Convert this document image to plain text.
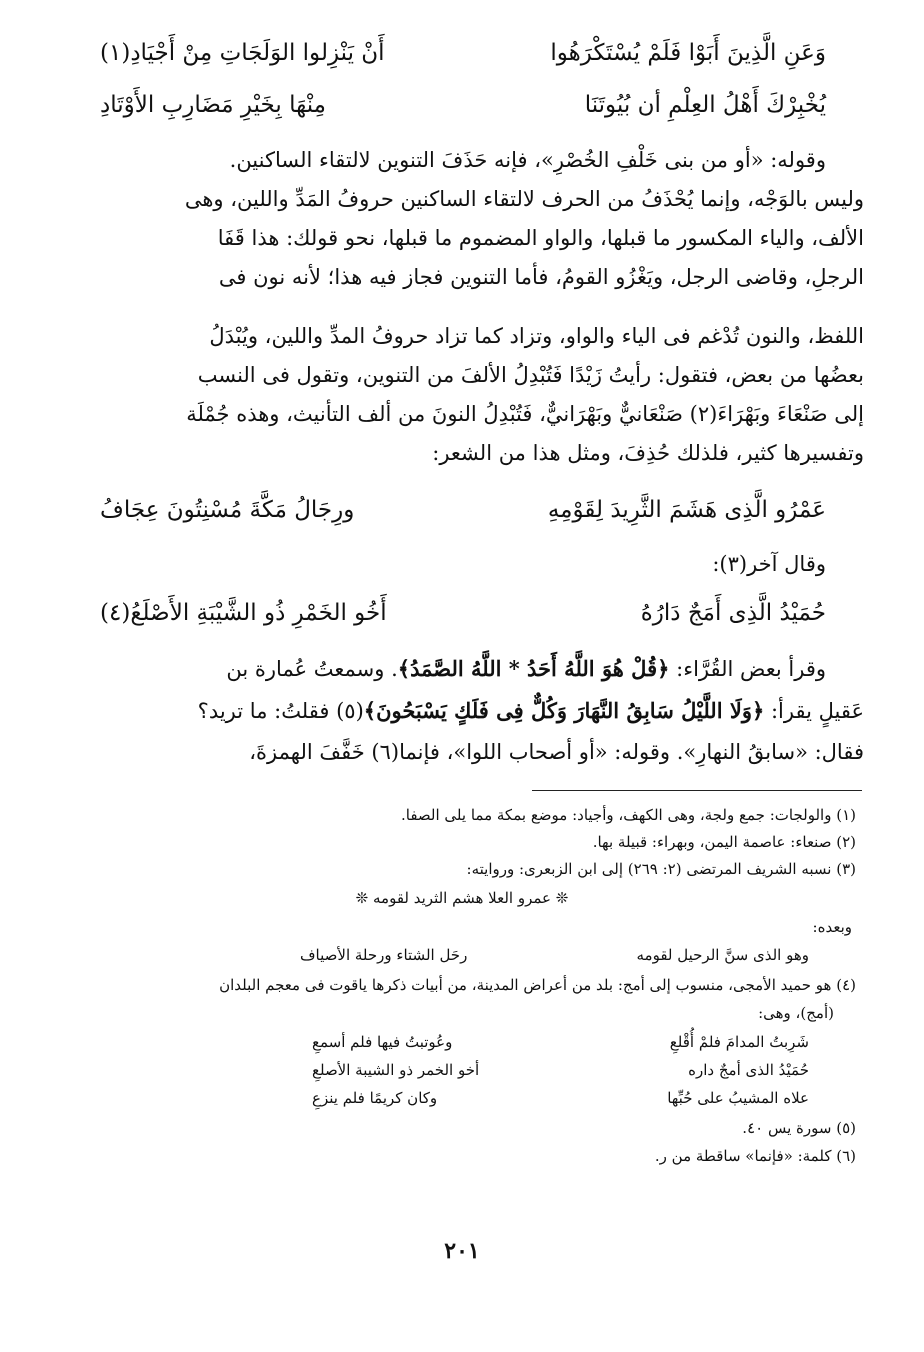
وَعَنِ الَّذِينَ أَبَوْا فَلَمْ يُسْتَكْرَهُوا
أَنْ يَنْزِلوا الوَلَجَاتِ مِنْ أَجْيَادِ(١)
يُخْبِرْكَ أَهْلُ العِلْمِ أن بُيُوتَنَا
مِنْهَا بِخَيْرِ مَضَارِبِ الأَوْتَادِ
وقوله: «أو من بنى خَلْفِ الخُصْرِ»، فإنه حَذَفَ التنوين لالتقاء الساكنين.
وليس بالوَجْه، وإنما يُحْذَفُ من الحرف لالتقاء الساكنين حروفُ المَدِّ واللين، وهى
الألف، والياء المكسور ما قبلها، والواو المضموم ما قبلها، نحو قولك: هذا قَفَا
الرجلِ، وقاضى الرجل، ويَغْزُو القومُ، فأما التنوين فجاز فيه هذا؛ لأنه نون فى
اللفظ، والنون تُدْغم فى الياء والواو، وتزاد كما تزاد حروفُ المدِّ واللين، ويُبْدَلُ
بعضُها من بعض، فتقول: رأيتُ زَيْدًا فَتُبْدِلُ الألفَ من التنوين، وتقول فى النسب
إلى صَنْعَاءَ وبَهْرَاءَ(٢) صَنْعَانيٌّ وبَهْرَانيٌّ، فَتُبْدِلُ النونَ من ألف التأنيث، وهذه جُمْلَة
وتفسيرها كثير، فلذلك حُذِفَ، ومثل هذا من الشعر:
عَمْرُو الَّذِى هَشَمَ الثَّرِيدَ لِقَوْمِهِ
ورِجَالُ مَكَّةَ مُسْنِتُونَ عِجَافُ
وقال آخر(٣):
حُمَيْدُ الَّذِى أَمَجٌ دَارُهُ
أَخُو الخَمْرِ ذُو الشَّيْبَةِ الأَصْلَعُ(٤)
وقرأ بعض القُرَّاء: ﴿قُلْ هُوَ اللَّهُ أَحَدُ * اللَّهُ الصَّمَدُ﴾. وسمعتُ عُمارة بن
عَقيلٍ يقرأ: ﴿وَلَا اللَّيْلُ سَابِقُ النَّهَارَ وَكُلٌّ فِى فَلَكٍ يَسْبَحُونَ﴾(٥) فقلتُ: ما تريد؟
فقال: «سابقُ النهارِ». وقوله: «أو أصحاب اللوا»، فإنما(٦) خَفَّفَ الهمزةَ،
(١) والولجات: جمع ولجة، وهى الكهف، وأجياد: موضع بمكة مما يلى الصفا.
(٢) صنعاء: عاصمة اليمن، وبهراء: قبيلة بها.
(٣) نسبه الشريف المرتضى (٢: ٢٦٩) إلى ابن الزبعرى: وروايته:
❊ عمرو العلا هشم الثريد لقومه ❊
وبعده:
وهو الذى سنَّ الرحيل لقومه
رحَل الشتاء ورحلة الأصياف
(٤) هو حميد الأمجى، منسوب إلى أمج: بلد من أعراض المدينة، من أبيات ذكرها ياقوت فى معجم البلدان
(أمج)، وهى:
شَرِبتُ المدامَ فلمْ أُقْلعِ
وعُوتبتُ فيها فلم أسمعِ
حُمَيْدُ الذى أمجٌ داره
أخو الخمر ذو الشيبة الأصلعِ
علاه المشيبُ على حُبِّها
وكان كريمًا فلم ينزعِ
(٥) سورة يس ٤٠.
(٦) كلمة: «فإنما» ساقطة من ر.
٢٠١
